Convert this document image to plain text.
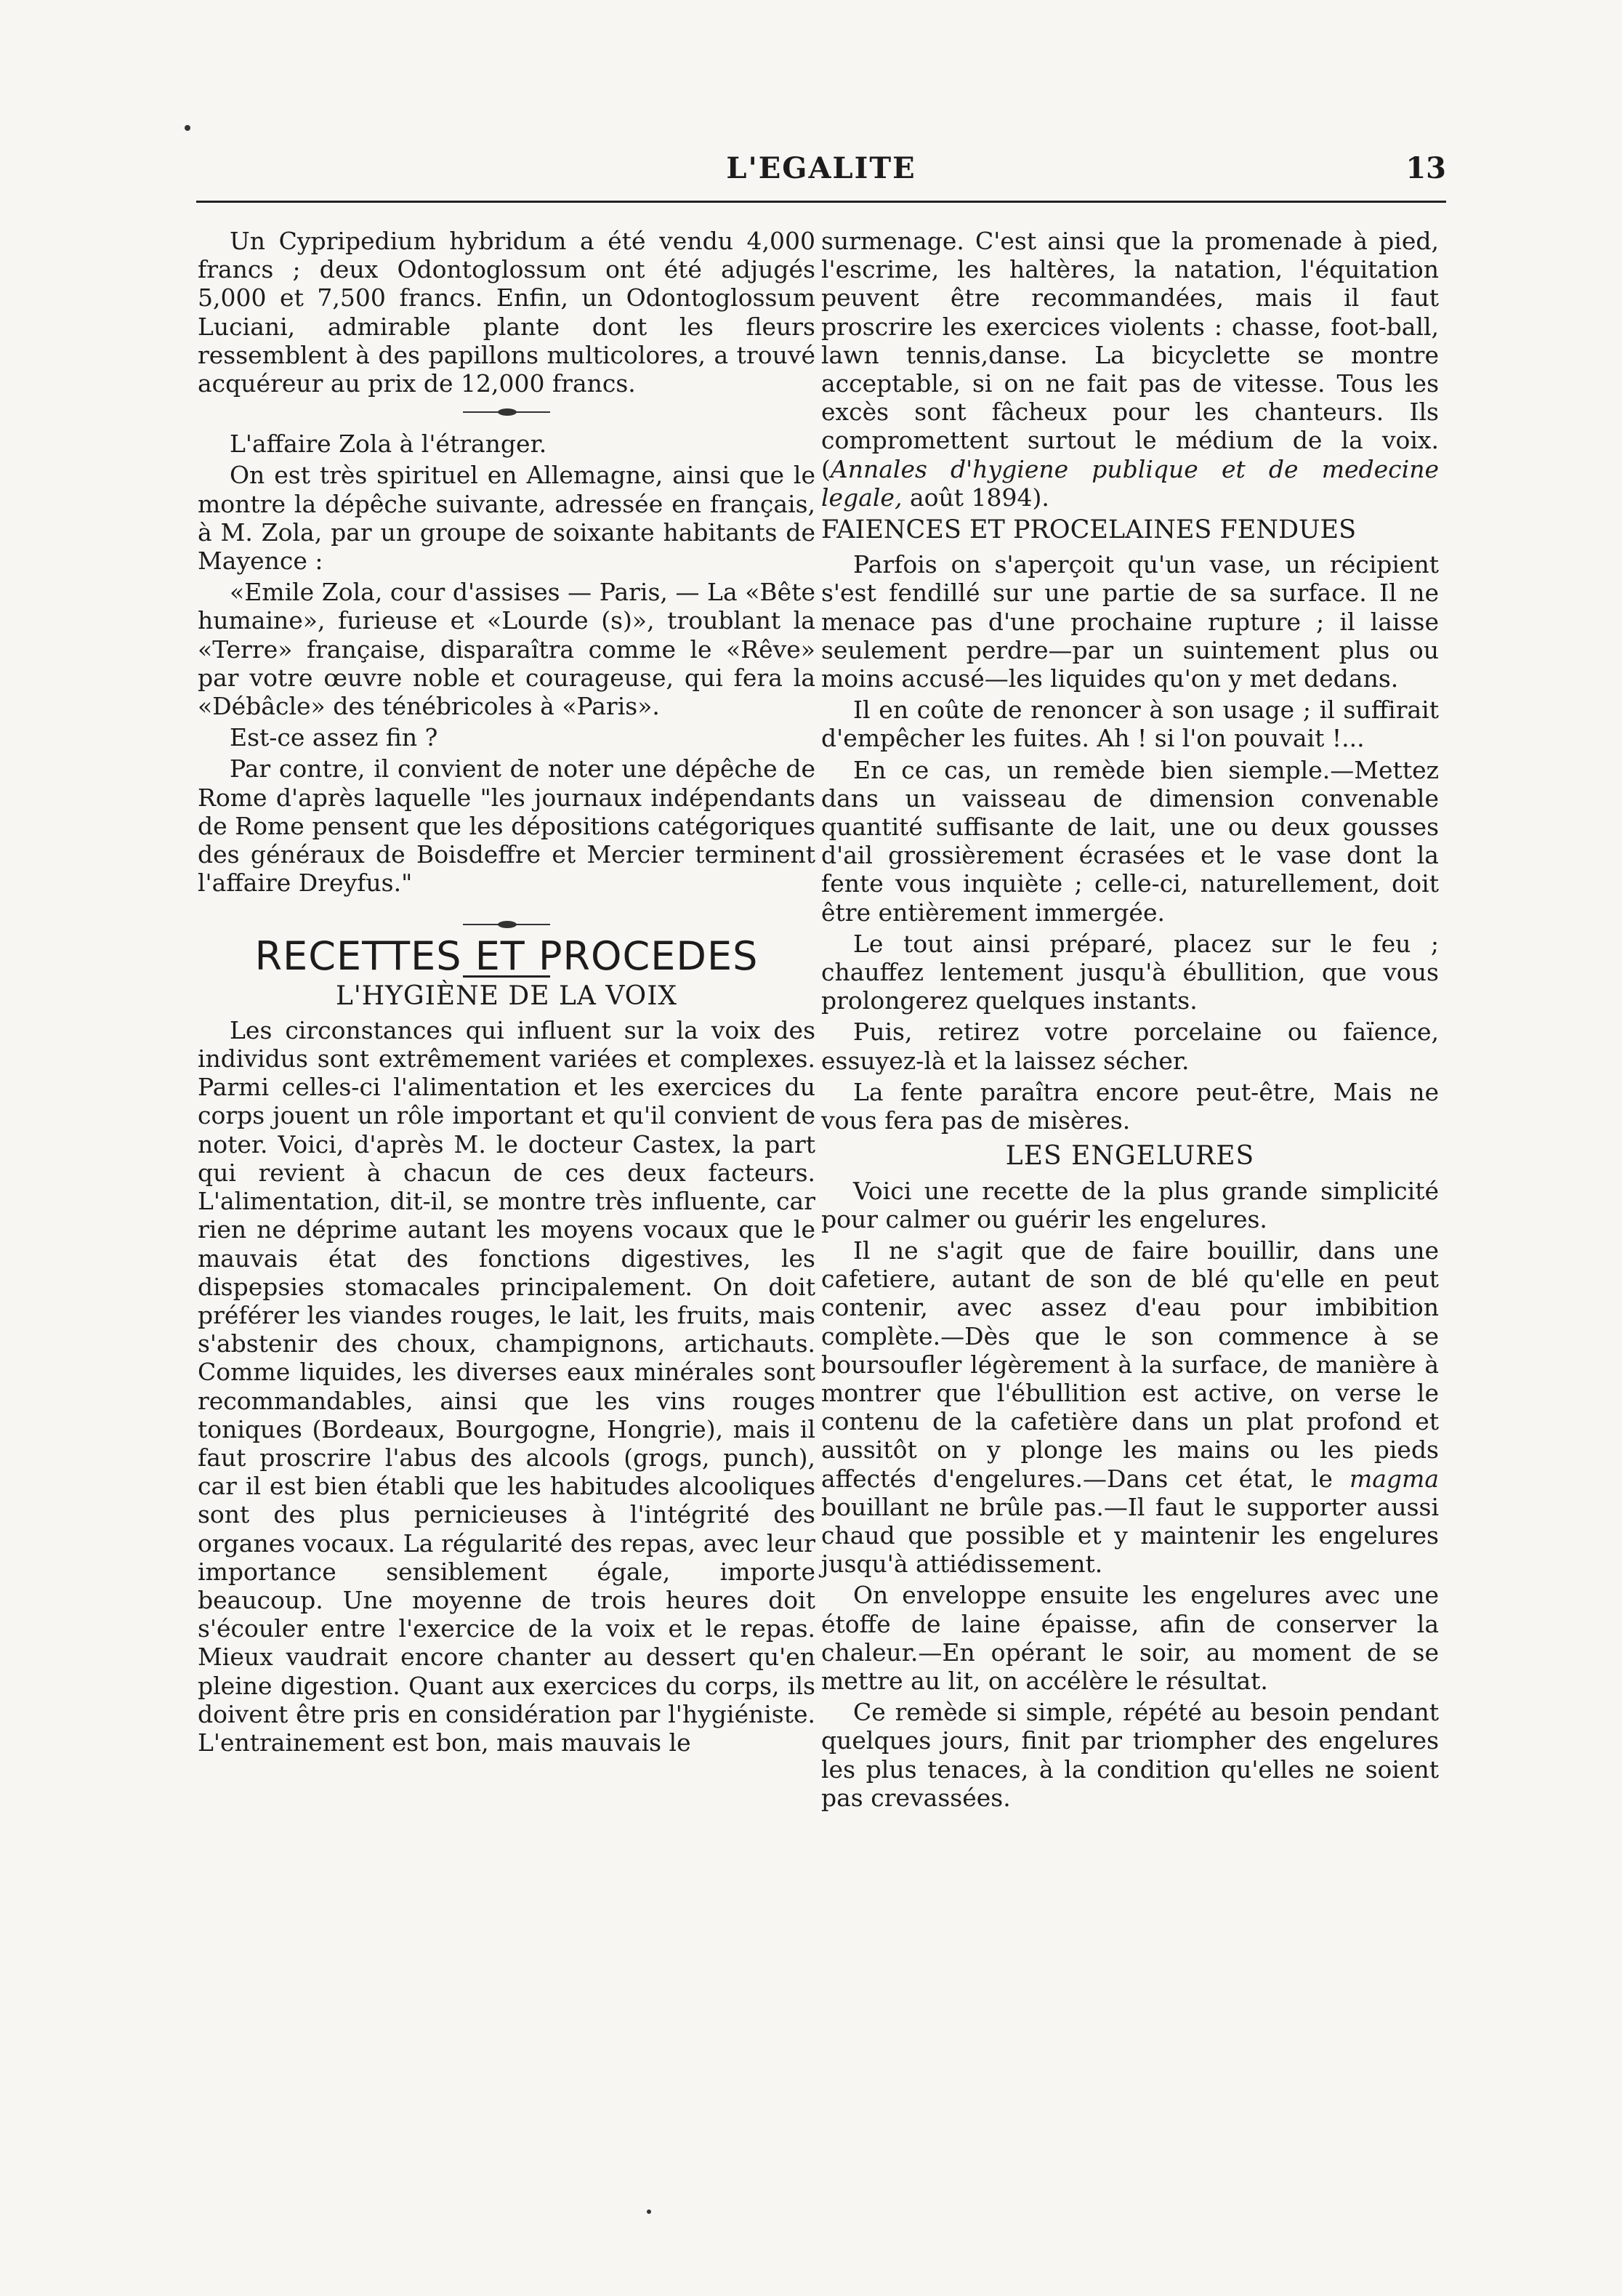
L'EGALITE	13

Un Cypripedium hybridum a été vendu 4,000 francs ; deux Odontoglossum ont été adjugés 5,000 et 7,500 francs. Enfin, un Odontoglossum Luciani, admirable plante dont les fleurs ressemblent à des papillons multicolores, a trouvé acquéreur au prix de 12,000 francs.

L'affaire Zola à l'étranger.

On est très spirituel en Allemagne, ainsi que le montre la dépêche suivante, adressée en français, à M. Zola, par un groupe de soixante habitants de Mayence :

«Emile Zola, cour d'assises — Paris, — La «Bête humaine», furieuse et «Lourde (s)», troublant la «Terre» française, disparaîtra comme le «Rêve» par votre œuvre noble et courageuse, qui fera la «Débâcle» des ténébricoles à «Paris».

Est-ce assez fin ?

Par contre, il convient de noter une dépêche de Rome d'après laquelle "les journaux indépendants de Rome pensent que les dépositions catégoriques des généraux de Boisdeffre et Mercier terminent l'affaire Dreyfus."

RECETTES ET PROCEDES
L'HYGIÈNE DE LA VOIX

Les circonstances qui influent sur la voix des individus sont extrêmement variées et complexes. Parmi celles-ci l'alimentation et les exercices du corps jouent un rôle important et qu'il convient de noter. Voici, d'après M. le docteur Castex, la part qui revient à chacun de ces deux facteurs. L'alimentation, dit-il, se montre très influente, car rien ne déprime autant les moyens vocaux que le mauvais état des fonctions digestives, les dispepsies stomacales principalement. On doit préférer les viandes rouges, le lait, les fruits, mais s'abstenir des choux, champignons, artichauts. Comme liquides, les diverses eaux minérales sont recommandables, ainsi que les vins rouges toniques (Bordeaux, Bourgogne, Hongrie), mais il faut proscrire l'abus des alcools (grogs, punch), car il est bien établi que les habitudes alcooliques sont des plus pernicieuses à l'intégrité des organes vocaux. La régularité des repas, avec leur importance sensiblement égale, importe beaucoup. Une moyenne de trois heures doit s'écouler entre l'exercice de la voix et le repas. Mieux vaudrait encore chanter au dessert qu'en pleine digestion. Quant aux exercices du corps, ils doivent être pris en considération par l'hygiéniste. L'entrainement est bon, mais mauvais le

surmenage. C'est ainsi que la promenade à pied, l'escrime, les haltères, la natation, l'équitation peuvent être recommandées, mais il faut proscrire les exercices violents : chasse, foot-ball, lawn tennis,danse. La bicyclette se montre acceptable, si on ne fait pas de vitesse. Tous les excès sont fâcheux pour les chanteurs. Ils compromettent surtout le médium de la voix. (Annales d'hygiene publique et de medecine legale, août 1894).

FAIENCES ET PROCELAINES FENDUES

Parfois on s'aperçoit qu'un vase, un récipient s'est fendillé sur une partie de sa surface. Il ne menace pas d'une prochaine rupture ; il laisse seulement perdre—par un suintement plus ou moins accusé—les liquides qu'on y met dedans.

Il en coûte de renoncer à son usage ; il suffirait d'empêcher les fuites. Ah ! si l'on pouvait !...

En ce cas, un remède bien siemple.—Mettez dans un vaisseau de dimension convenable quantité suffisante de lait, une ou deux gousses d'ail grossièrement écrasées et le vase dont la fente vous inquiète ; celle-ci, naturellement, doit être entièrement immergée.

Le tout ainsi préparé, placez sur le feu ; chauffez lentement jusqu'à ébullition, que vous prolongerez quelques instants.

Puis, retirez votre porcelaine ou faïence, essuyez-là et la laissez sécher.

La fente paraîtra encore peut-être, Mais ne vous fera pas de misères.

LES ENGELURES

Voici une recette de la plus grande simplicité pour calmer ou guérir les engelures.

Il ne s'agit que de faire bouillir, dans une cafetiere, autant de son de blé qu'elle en peut contenir, avec assez d'eau pour imbibition complète.—Dès que le son commence à se boursoufler légèrement à la surface, de manière à montrer que l'ébullition est active, on verse le contenu de la cafetière dans un plat profond et aussitôt on y plonge les mains ou les pieds affectés d'engelures.—Dans cet état, le magma bouillant ne brûle pas.—Il faut le supporter aussi chaud que possible et y maintenir les engelures jusqu'à attiédissement.

On enveloppe ensuite les engelures avec une étoffe de laine épaisse, afin de conserver la chaleur.—En opérant le soir, au moment de se mettre au lit, on accélère le résultat.

Ce remède si simple, répété au besoin pendant quelques jours, finit par triompher des engelures les plus tenaces, à la condition qu'elles ne soient pas crevassées.
